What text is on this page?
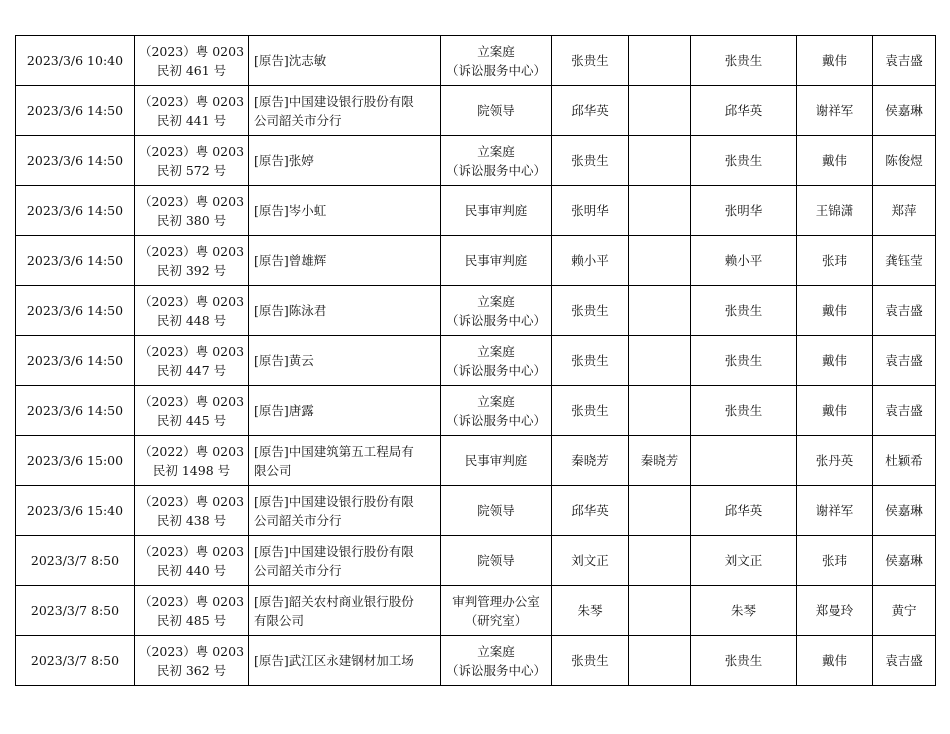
2023/3/6 10:40	（2023）粤 0203
民初 461 号	[原告]沈志敏	立案庭
（诉讼服务中心）	张贵生		张贵生	戴伟	袁吉盛
2023/3/6 14:50	（2023）粤 0203
民初 441 号	[原告]中国建设银行股份有限
公司韶关市分行	院领导	邱华英		邱华英	谢祥军	侯嘉琳
2023/3/6 14:50	（2023）粤 0203
民初 572 号	[原告]张婷	立案庭
（诉讼服务中心）	张贵生		张贵生	戴伟	陈俊煜
2023/3/6 14:50	（2023）粤 0203
民初 380 号	[原告]岑小虹	民事审判庭	张明华		张明华	王锦潇	郑萍
2023/3/6 14:50	（2023）粤 0203
民初 392 号	[原告]曾雄辉	民事审判庭	赖小平		赖小平	张玮	龚钰莹
2023/3/6 14:50	（2023）粤 0203
民初 448 号	[原告]陈泳君	立案庭
（诉讼服务中心）	张贵生		张贵生	戴伟	袁吉盛
2023/3/6 14:50	（2023）粤 0203
民初 447 号	[原告]黄云	立案庭
（诉讼服务中心）	张贵生		张贵生	戴伟	袁吉盛
2023/3/6 14:50	（2023）粤 0203
民初 445 号	[原告]唐露	立案庭
（诉讼服务中心）	张贵生		张贵生	戴伟	袁吉盛
2023/3/6 15:00	（2022）粤 0203
民初 1498 号	[原告]中国建筑第五工程局有
限公司	民事审判庭	秦晓芳	秦晓芳		张丹英	杜颖希
2023/3/6 15:40	（2023）粤 0203
民初 438 号	[原告]中国建设银行股份有限
公司韶关市分行	院领导	邱华英		邱华英	谢祥军	侯嘉琳
2023/3/7 8:50	（2023）粤 0203
民初 440 号	[原告]中国建设银行股份有限
公司韶关市分行	院领导	刘文正		刘文正	张玮	侯嘉琳
2023/3/7 8:50	（2023）粤 0203
民初 485 号	[原告]韶关农村商业银行股份
有限公司	审判管理办公室
（研究室）	朱琴		朱琴	郑曼玲	黄宁
2023/3/7 8:50	（2023）粤 0203
民初 362 号	[原告]武江区永建钢材加工场	立案庭
（诉讼服务中心）	张贵生		张贵生	戴伟	袁吉盛
